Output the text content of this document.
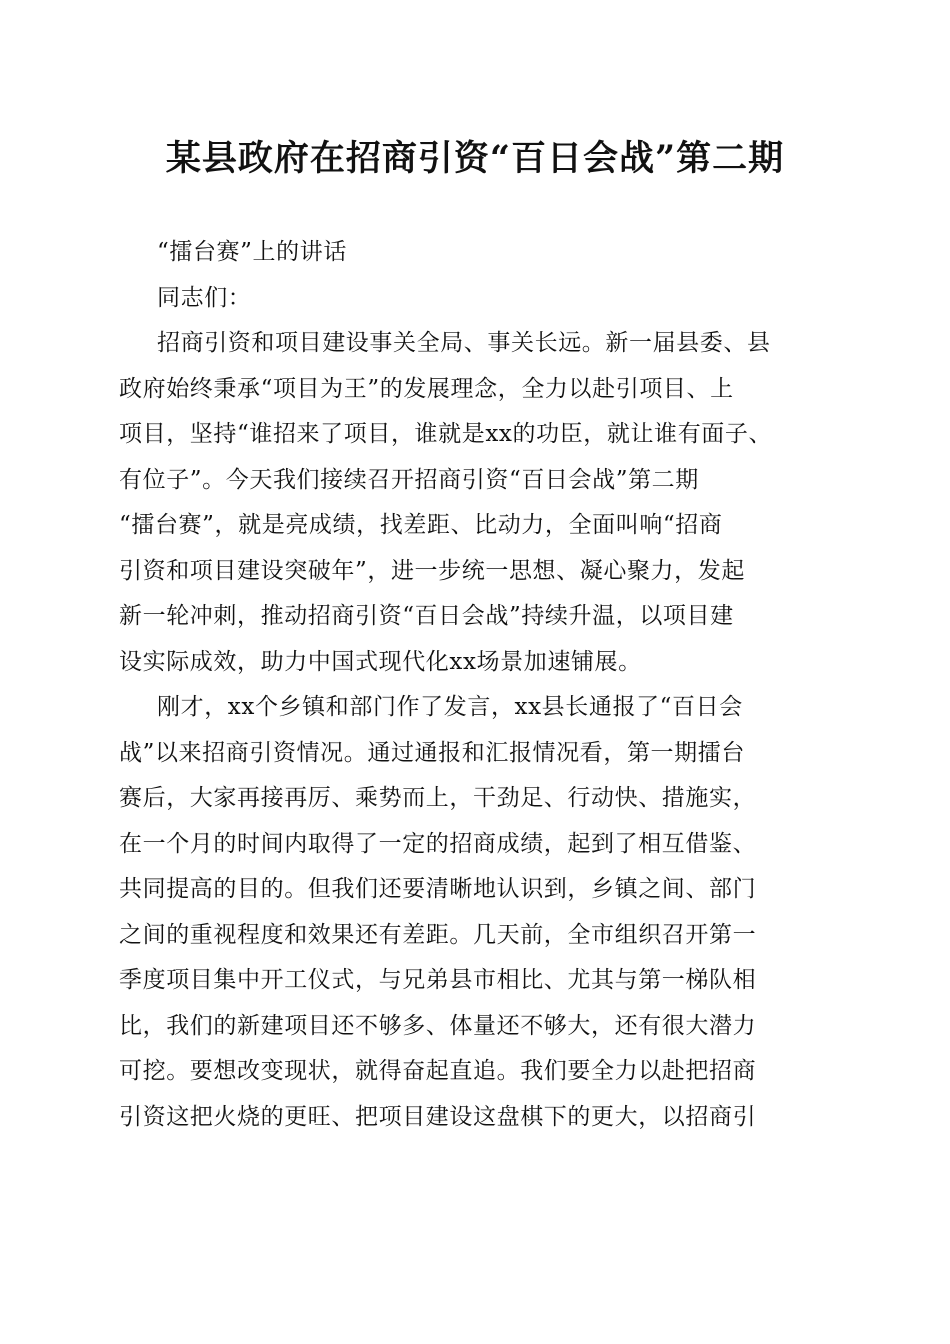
某县政府在招商引资“百日会战”第二期
“擂台赛”上的讲话
同志们：
招商引资和项目建设事关全局、事关长远。新一届县委、县
政府始终秉承“项目为王”的发展理念，全力以赴引项目、上
项目，坚持“谁招来了项目，谁就是xx的功臣，就让谁有面子、
有位子”。今天我们接续召开招商引资“百日会战”第二期
“擂台赛”，就是亮成绩，找差距、比动力，全面叫响“招商
引资和项目建设突破年”，进一步统一思想、凝心聚力，发起
新一轮冲刺，推动招商引资“百日会战”持续升温，以项目建
设实际成效，助力中国式现代化xx场景加速铺展。
刚才，xx个乡镇和部门作了发言，xx县长通报了“百日会
战”以来招商引资情况。通过通报和汇报情况看，第一期擂台
赛后，大家再接再厉、乘势而上，干劲足、行动快、措施实，
在一个月的时间内取得了一定的招商成绩，起到了相互借鉴、
共同提高的目的。但我们还要清晰地认识到，乡镇之间、部门
之间的重视程度和效果还有差距。几天前，全市组织召开第一
季度项目集中开工仪式，与兄弟县市相比、尤其与第一梯队相
比，我们的新建项目还不够多、体量还不够大，还有很大潜力
可挖。要想改变现状，就得奋起直追。我们要全力以赴把招商
引资这把火烧的更旺、把项目建设这盘棋下的更大，以招商引
